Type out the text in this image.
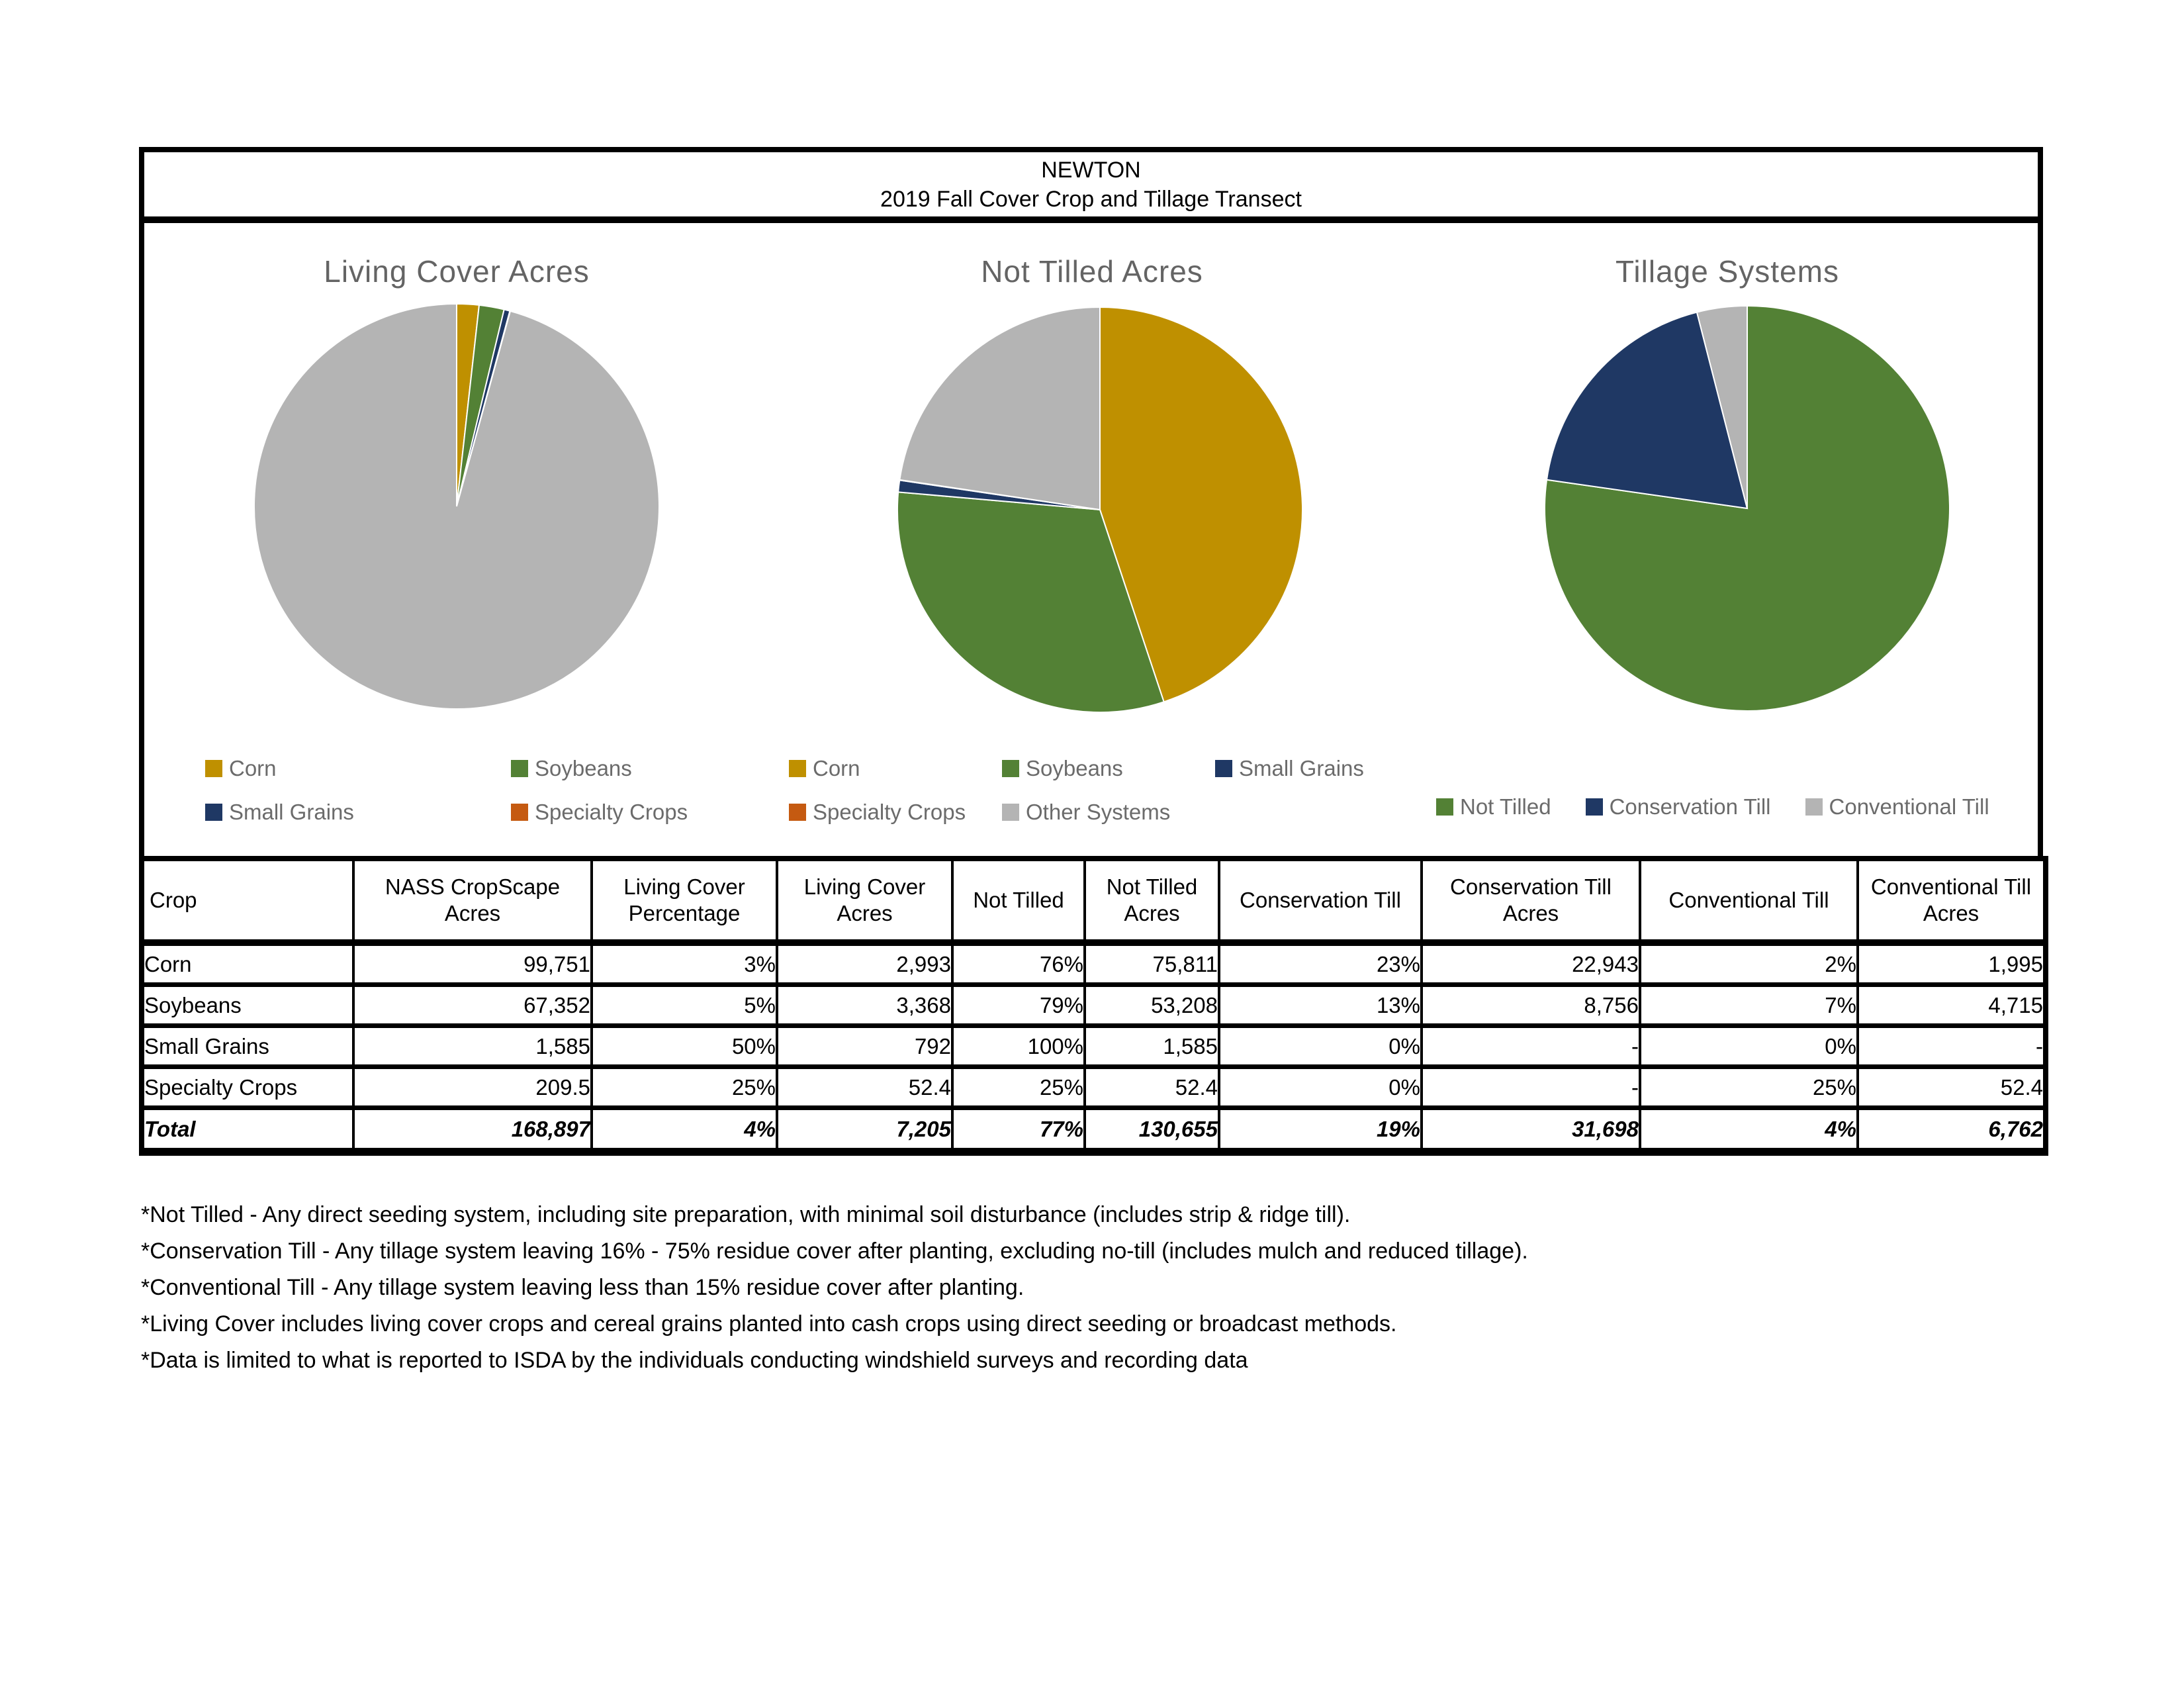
NEWTON
2019 Fall Cover Crop and Tillage Transect
Living Cover Acres	Not Tilled Acres	Tillage Systems
Corn	Soybeans
Small Grains	Specialty Crops
Corn	Soybeans	Small Grains
Specialty Crops	Other Systems	Not Tilled	Conservation Till	Conventional Till
Crop	NASS CropScape Acres	Living Cover Percentage	Living Cover Acres	Not Tilled	Not Tilled Acres	Conservation Till	Conservation Till Acres	Conventional Till	Conventional Till Acres
Corn	99,751	3%	2,993	76%	75,811	23%	22,943	2%	1,995
Soybeans	67,352	5%	3,368	79%	53,208	13%	8,756	7%	4,715
Small Grains	1,585	50%	792	100%	1,585	0%	-	0%	-
Specialty Crops	209.5	25%	52.4	25%	52.4	0%	-	25%	52.4
Total	168,897	4%	7,205	77%	130,655	19%	31,698	4%	6,762
*Not Tilled - Any direct seeding system, including site preparation, with minimal soil disturbance (includes strip & ridge till).
*Conservation Till - Any tillage system leaving 16% - 75% residue cover after planting, excluding no-till (includes mulch and reduced tillage).
*Conventional Till - Any tillage system leaving less than 15% residue cover after planting.
*Living Cover includes living cover crops and cereal grains planted into cash crops using direct seeding or broadcast methods.
*Data is limited to what is reported to ISDA by the individuals conducting windshield surveys and recording data
